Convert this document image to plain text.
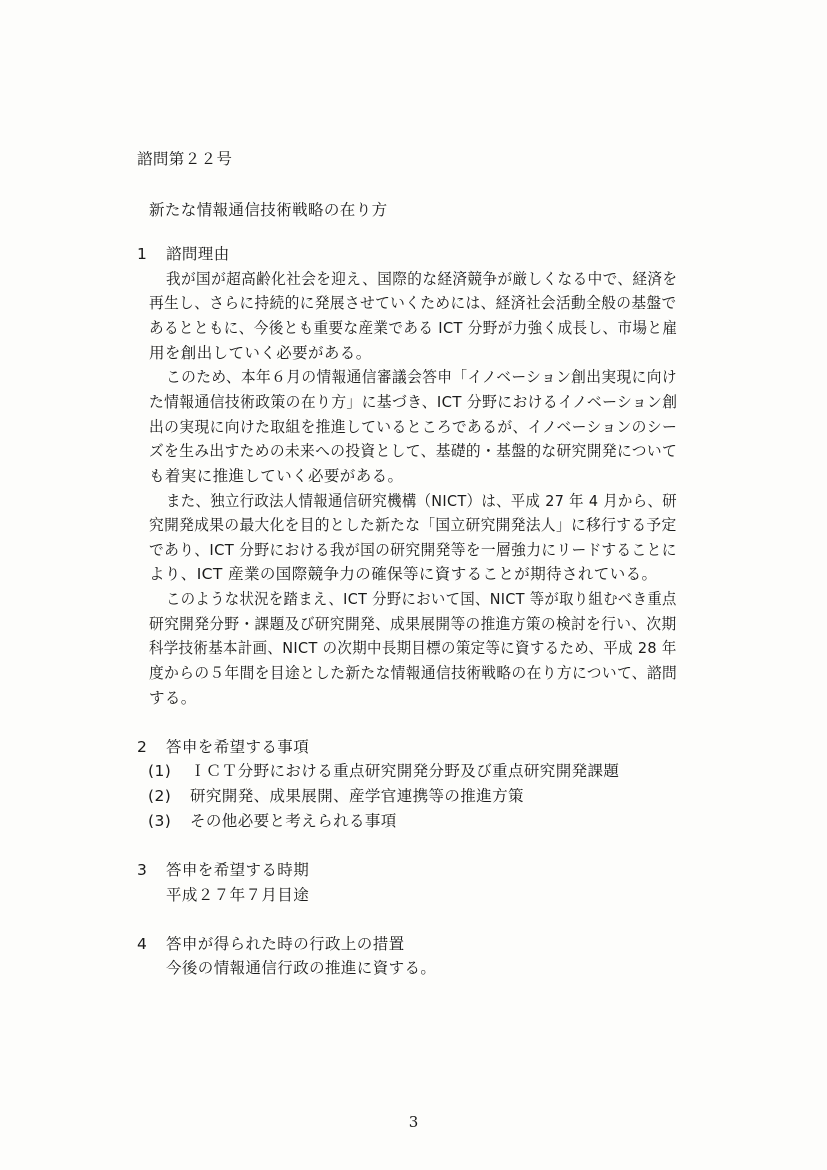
諮問第２２号
新たな情報通信技術戦略の在り方
1 諮問理由
我が国が超高齢化社会を迎え、国際的な経済競争が厳しくなる中で、経済を
再生し、さらに持続的に発展させていくためには、経済社会活動全般の基盤で
あるとともに、今後とも重要な産業である ICT 分野が力強く成長し、市場と雇
用を創出していく必要がある。
このため、本年６月の情報通信審議会答申「イノベーション創出実現に向け
た情報通信技術政策の在り方」に基づき、ICT 分野におけるイノベーション創
出の実現に向けた取組を推進しているところであるが、イノベーションのシー
ズを生み出すための未来への投資として、基礎的・基盤的な研究開発について
も着実に推進していく必要がある。
また、独立行政法人情報通信研究機構（NICT）は、平成 27 年 4 月から、研
究開発成果の最大化を目的とした新たな「国立研究開発法人」に移行する予定
であり、ICT 分野における我が国の研究開発等を一層強力にリードすることに
より、ICT 産業の国際競争力の確保等に資することが期待されている。
このような状況を踏まえ、ICT 分野において国、NICT 等が取り組むべき重点
研究開発分野・課題及び研究開発、成果展開等の推進方策の検討を行い、次期
科学技術基本計画、NICT の次期中長期目標の策定等に資するため、平成 28 年
度からの５年間を目途とした新たな情報通信技術戦略の在り方について、諮問
する。
2 答申を希望する事項
(1) ＩＣＴ分野における重点研究開発分野及び重点研究開発課題
(2) 研究開発、成果展開、産学官連携等の推進方策
(3) その他必要と考えられる事項
3 答申を希望する時期
平成２７年７月目途
4 答申が得られた時の行政上の措置
今後の情報通信行政の推進に資する。
3
